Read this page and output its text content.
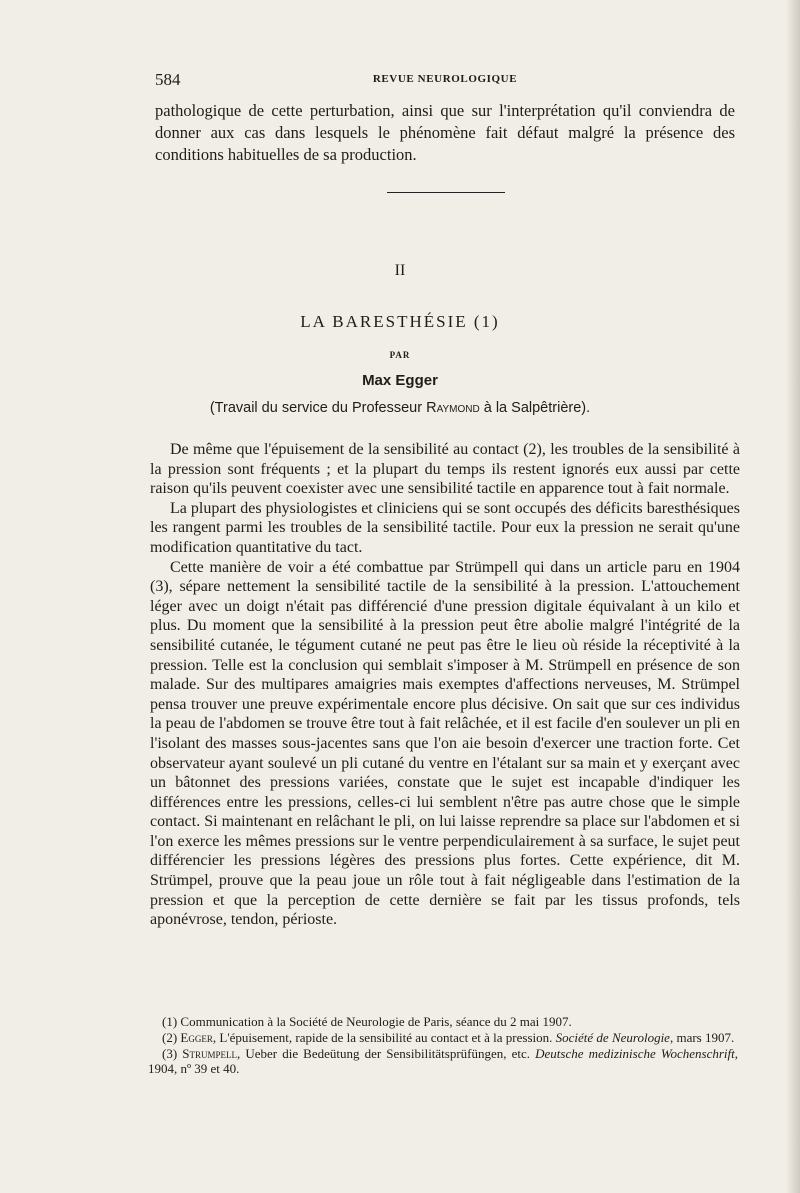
584	REVUE NEUROLOGIQUE
pathologique de cette perturbation, ainsi que sur l'interprétation qu'il conviendra de donner aux cas dans lesquels le phénomène fait défaut malgré la présence des conditions habituelles de sa production.
II
LA BARESTHÉSIE (1)
PAR
Max Egger
(Travail du service du Professeur Raymond à la Salpêtrière).

De même que l'épuisement de la sensibilité au contact (2), les troubles de la sensibilité à la pression sont fréquents ; et la plupart du temps ils restent ignorés eux aussi par cette raison qu'ils peuvent coexister avec une sensibilité tactile en apparence tout à fait normale.

La plupart des physiologistes et cliniciens qui se sont occupés des déficits baresthésiques les rangent parmi les troubles de la sensibilité tactile. Pour eux la pression ne serait qu'une modification quantitative du tact.

Cette manière de voir a été combattue par Strümpell qui dans un article paru en 1904 (3), sépare nettement la sensibilité tactile de la sensibilité à la pression. L'attouchement léger avec un doigt n'était pas différencié d'une pression digitale équivalant à un kilo et plus. Du moment que la sensibilité à la pression peut être abolie malgré l'intégrité de la sensibilité cutanée, le tégument cutané ne peut pas être le lieu où réside la réceptivité à la pression. Telle est la conclusion qui semblait s'imposer à M. Strümpell en présence de son malade. Sur des multipares amaigries mais exemptes d'affections nerveuses, M. Strümpel pensa trouver une preuve expérimentale encore plus décisive. On sait que sur ces individus la peau de l'abdomen se trouve être tout à fait relâchée, et il est facile d'en soulever un pli en l'isolant des masses sous-jacentes sans que l'on aie besoin d'exercer une traction forte. Cet observateur ayant soulevé un pli cutané du ventre en l'étalant sur sa main et y exerçant avec un bâtonnet des pressions variées, constate que le sujet est incapable d'indiquer les différences entre les pressions, celles-ci lui semblent n'être pas autre chose que le simple contact. Si maintenant en relâchant le pli, on lui laisse reprendre sa place sur l'abdomen et si l'on exerce les mêmes pressions sur le ventre perpendiculairement à sa surface, le sujet peut différencier les pressions légères des pressions plus fortes. Cette expérience, dit M. Strümpel, prouve que la peau joue un rôle tout à fait négligeable dans l'estimation de la pression et que la perception de cette dernière se fait par les tissus profonds, tels aponévrose, tendon, périoste.

(1) Communication à la Société de Neurologie de Paris, séance du 2 mai 1907.

(2) Egger, L'épuisement, rapide de la sensibilité au contact et à la pression. Société de Neurologie, mars 1907.

(3) Strumpell, Ueber die Bedeütung der Sensibilitätsprüfüngen, etc. Deutsche medizinische Wochenschrift, 1904, nº 39 et 40.
